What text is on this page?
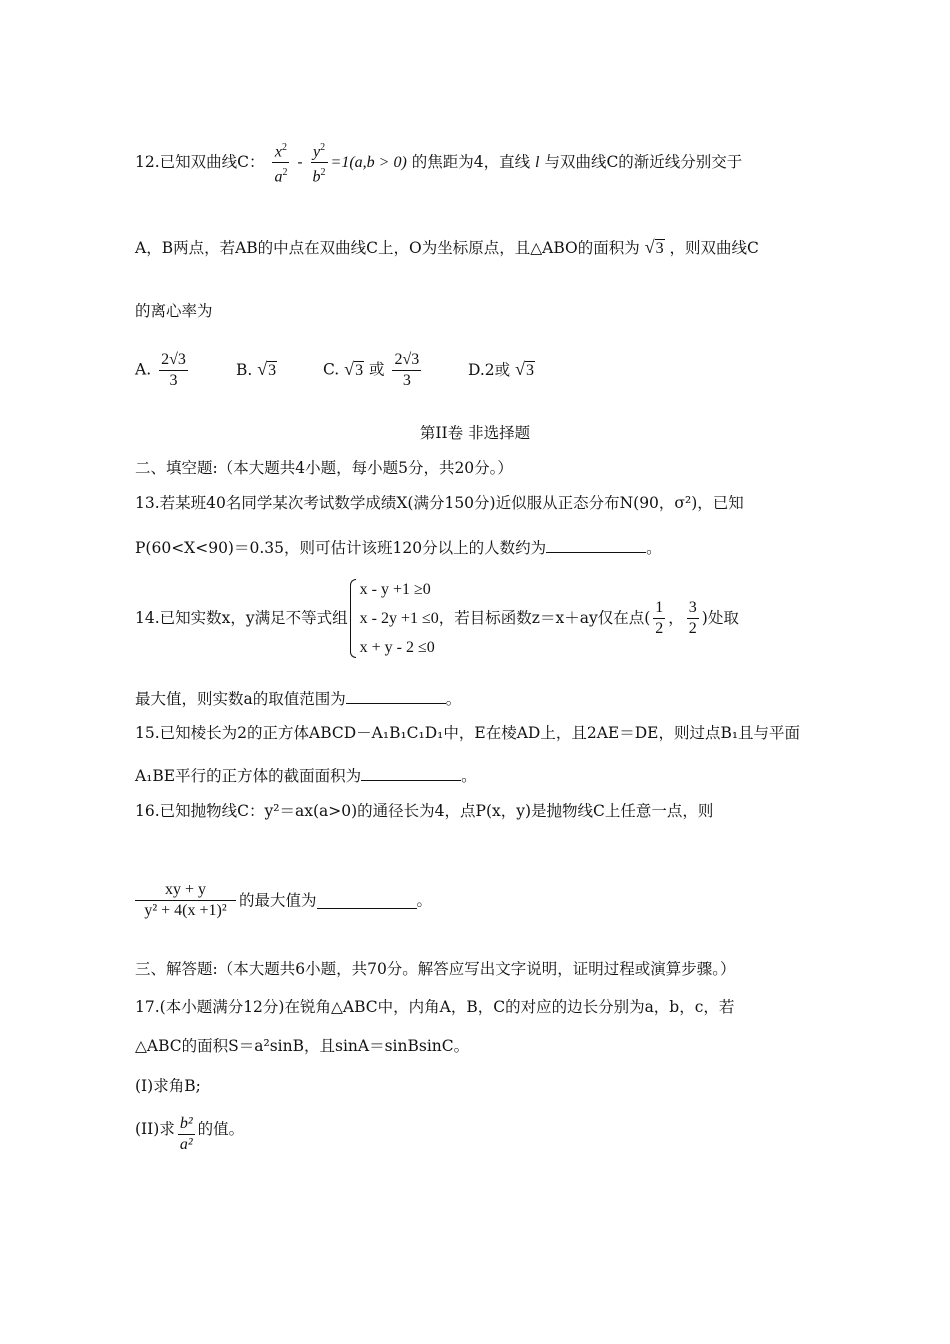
12.已知双曲线C： $\frac{x^2}{a^2} - \frac{y^2}{b^2} =1(a,b > 0)$ 的焦距为4，直线 l 与双曲线C的渐近线分别交于
A，B两点，若AB的中点在双曲线C上，O为坐标原点，且△ABO的面积为 √3 ，则双曲线C
的离心率为
A. $\frac{2√3}{3}$	B. √3	C. √3 或 $\frac{2√3}{3}$	D.2或 √3
第II卷 非选择题
二、填空题:（本大题共4小题，每小题5分，共20分。）
13.若某班40名同学某次考试数学成绩X(满分150分)近似服从正态分布N(90，σ²)，已知
P(60<X<90)＝0.35，则可估计该班120分以上的人数约为	。
14.已知实数x，y满足不等式组
x - y +1 ≥0
x - 2y +1 ≤0
x + y - 2 ≤0
，若目标函数z＝x＋ay仅在点( $\frac{1}{2}$ ， $\frac{3}{2}$ )处取
最大值，则实数a的取值范围为	。
15.已知棱长为2的正方体ABCD－A₁B₁C₁D₁中，E在棱AD上，且2AE＝DE，则过点B₁且与平面
A₁BE平行的正方体的截面面积为	。
16.已知抛物线C：y²＝ax(a>0)的通径长为4，点P(x，y)是抛物线C上任意一点，则
$\frac{xy + y}{\text{y² + 4(x +1)²}}$ 的最大值为	。
三、解答题:（本大题共6小题，共70分。解答应写出文字说明，证明过程或演算步骤。）
17.(本小题满分12分)在锐角△ABC中，内角A，B，C的对应的边长分别为a，b，c，若
△ABC的面积S＝a²sinB，且sinA＝sinBsinC。
(I)求角B;
(II)求 $\frac{\text{b²}}{\text{a²}}$ 的值。
